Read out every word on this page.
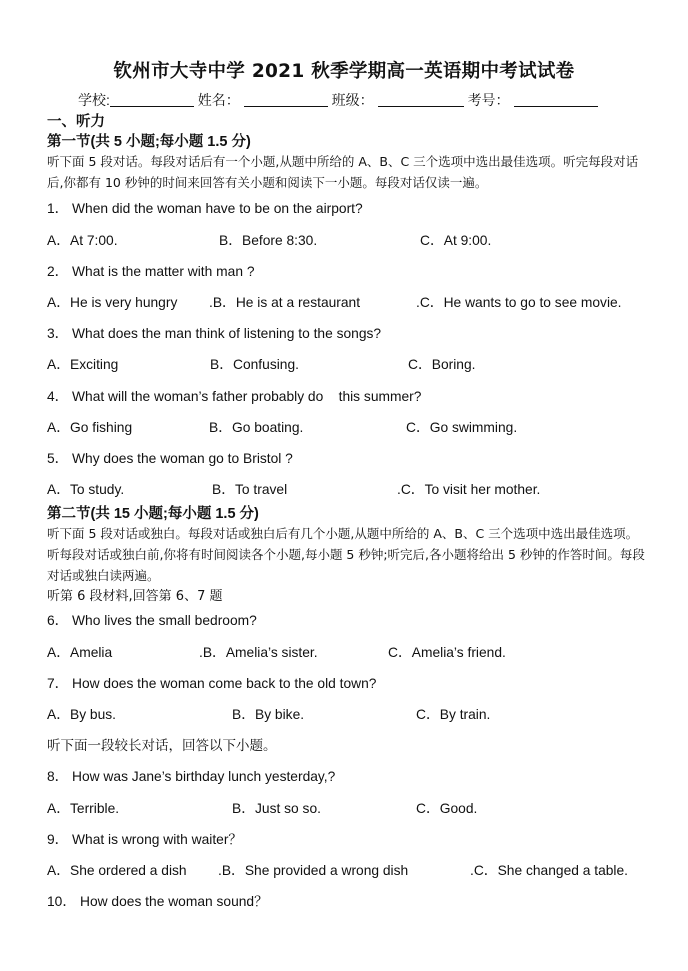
钦州市大寺中学 2021 秋季学期高一英语期中考试试卷
学校:	姓名：	班级：	考号：
一、听力
第一节(共 5 小题;每小题 1.5 分)
听下面 5 段对话。每段对话后有一个小题,从题中所给的 A、B、C 三个选项中选出最佳选项。听完每段对话后,你都有 10 秒钟的时间来回答有关小题和阅读下一小题。每段对话仅读一遍。
1． When did the woman have to be on the airport?
A．At 7:00.	B．Before 8:30.	C．At 9:00.
2． What is the matter with man ?
A．He is very hungry .B．He is at a restaurant	.C．He wants to go to see movie.
3． What does the man think of listening to the songs?
A．Exciting	B．Confusing.	C．Boring.
4． What will the woman’s father probably do    this summer?
A．Go fishing	B．Go boating.	C．Go swimming.
5． Why does the woman go to Bristol ?
A．To study.	B．To travel	.C．To visit her mother.
第二节(共 15 小题;每小题 1.5 分)
听下面 5 段对话或独白。每段对话或独白后有几个小题,从题中所给的 A、B、C 三个选项中选出最佳选项。听每段对话或独白前,你将有时间阅读各个小题,每小题 5 秒钟;听完后,各小题将给出 5 秒钟的作答时间。每段对话或独白读两遍。
听第 6 段材料,回答第 6、7 题
6． Who lives the small bedroom?
A．Amelia	.B．Amelia’s sister.	C．Amelia’s friend.
7． How does the woman come back to the old town?
A．By bus.	B．By bike.	C．By train.
听下面一段较长对话，回答以下小题。
8． How was Jane’s birthday lunch yesterday,?
A．Terrible.	B．Just so so.	C．Good.
9． What is wrong with waiter？
A．She ordered a dish .B．She provided a wrong dish	.C．She changed a table.
10． How does the woman sound？
